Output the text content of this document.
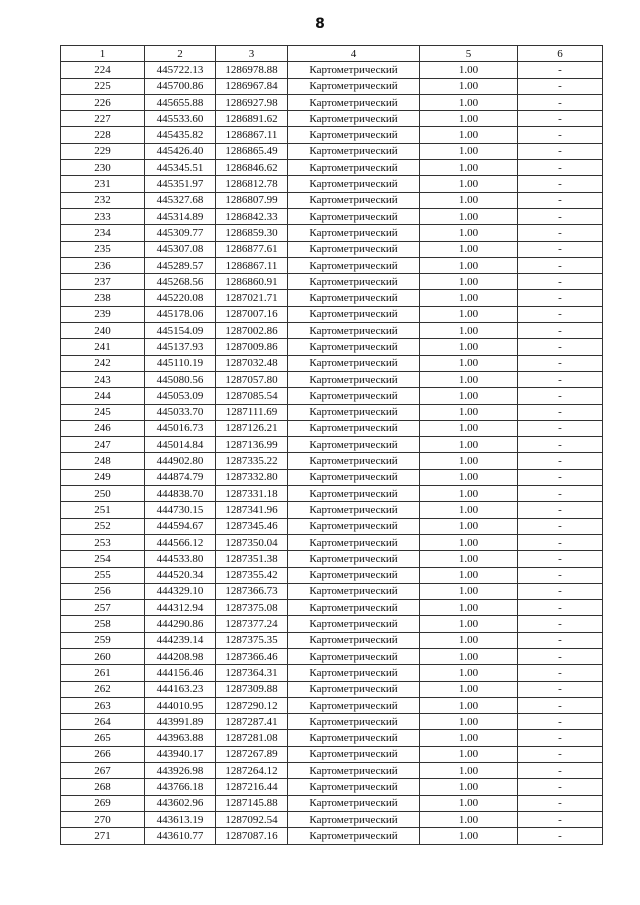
8
1	2	3	4	5	6
224	445722.13	1286978.88	Картометрический	1.00	-
225	445700.86	1286967.84	Картометрический	1.00	-
226	445655.88	1286927.98	Картометрический	1.00	-
227	445533.60	1286891.62	Картометрический	1.00	-
228	445435.82	1286867.11	Картометрический	1.00	-
229	445426.40	1286865.49	Картометрический	1.00	-
230	445345.51	1286846.62	Картометрический	1.00	-
231	445351.97	1286812.78	Картометрический	1.00	-
232	445327.68	1286807.99	Картометрический	1.00	-
233	445314.89	1286842.33	Картометрический	1.00	-
234	445309.77	1286859.30	Картометрический	1.00	-
235	445307.08	1286877.61	Картометрический	1.00	-
236	445289.57	1286867.11	Картометрический	1.00	-
237	445268.56	1286860.91	Картометрический	1.00	-
238	445220.08	1287021.71	Картометрический	1.00	-
239	445178.06	1287007.16	Картометрический	1.00	-
240	445154.09	1287002.86	Картометрический	1.00	-
241	445137.93	1287009.86	Картометрический	1.00	-
242	445110.19	1287032.48	Картометрический	1.00	-
243	445080.56	1287057.80	Картометрический	1.00	-
244	445053.09	1287085.54	Картометрический	1.00	-
245	445033.70	1287111.69	Картометрический	1.00	-
246	445016.73	1287126.21	Картометрический	1.00	-
247	445014.84	1287136.99	Картометрический	1.00	-
248	444902.80	1287335.22	Картометрический	1.00	-
249	444874.79	1287332.80	Картометрический	1.00	-
250	444838.70	1287331.18	Картометрический	1.00	-
251	444730.15	1287341.96	Картометрический	1.00	-
252	444594.67	1287345.46	Картометрический	1.00	-
253	444566.12	1287350.04	Картометрический	1.00	-
254	444533.80	1287351.38	Картометрический	1.00	-
255	444520.34	1287355.42	Картометрический	1.00	-
256	444329.10	1287366.73	Картометрический	1.00	-
257	444312.94	1287375.08	Картометрический	1.00	-
258	444290.86	1287377.24	Картометрический	1.00	-
259	444239.14	1287375.35	Картометрический	1.00	-
260	444208.98	1287366.46	Картометрический	1.00	-
261	444156.46	1287364.31	Картометрический	1.00	-
262	444163.23	1287309.88	Картометрический	1.00	-
263	444010.95	1287290.12	Картометрический	1.00	-
264	443991.89	1287287.41	Картометрический	1.00	-
265	443963.88	1287281.08	Картометрический	1.00	-
266	443940.17	1287267.89	Картометрический	1.00	-
267	443926.98	1287264.12	Картометрический	1.00	-
268	443766.18	1287216.44	Картометрический	1.00	-
269	443602.96	1287145.88	Картометрический	1.00	-
270	443613.19	1287092.54	Картометрический	1.00	-
271	443610.77	1287087.16	Картометрический	1.00	-
